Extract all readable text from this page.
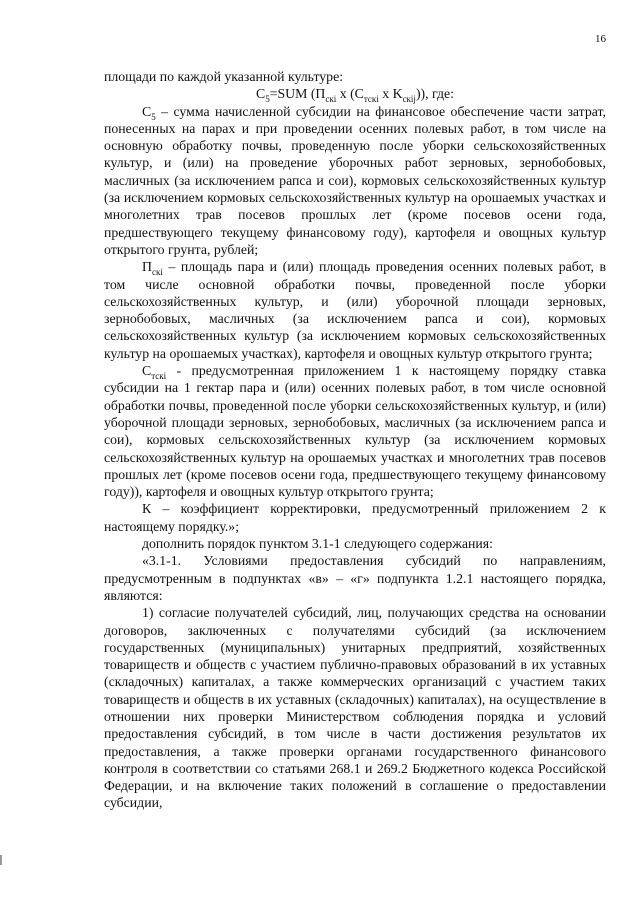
16

площади по каждой указанной культуре:

$C_5=SUM$ ($П_{скі}$ x ($C_{тскі}$ x $K_{скіј}$)), где:

$C_5$ – сумма начисленной субсидии на финансовое обеспечение части затрат, понесенных на парах и при проведении осенних полевых работ, в том числе на основную обработку почвы, проведенную после уборки сельскохозяйственных культур, и (или) на проведение уборочных работ зерновых, зернобобовых, масличных (за исключением рапса и сои), кормовых сельскохозяйственных культур (за исключением кормовых сельскохозяйственных культур на орошаемых участках и многолетних трав посевов прошлых лет (кроме посевов осени года, предшествующего текущему финансовому году), картофеля и овощных культур открытого грунта, рублей;

$П_{скі}$ – площадь пара и (или) площадь проведения осенних полевых работ, в том числе основной обработки почвы, проведенной после уборки сельскохозяйственных культур, и (или) уборочной площади зерновых, зернобобовых, масличных (за исключением рапса и сои), кормовых сельскохозяйственных культур (за исключением кормовых сельскохозяйственных культур на орошаемых участках), картофеля и овощных культур открытого грунта;

$C_{тскі}$ - предусмотренная приложением 1 к настоящему порядку ставка субсидии на 1 гектар пара и (или) осенних полевых работ, в том числе основной обработки почвы, проведенной после уборки сельскохозяйственных культур, и (или) уборочной площади зерновых, зернобобовых, масличных (за исключением рапса и сои), кормовых сельскохозяйственных культур (за исключением кормовых сельскохозяйственных культур на орошаемых участках и многолетних трав посевов прошлых лет (кроме посевов осени года, предшествующего текущему финансовому году)), картофеля и овощных культур открытого грунта;

К – коэффициент корректировки, предусмотренный приложением 2 к настоящему порядку.»;

дополнить порядок пунктом 3.1-1 следующего содержания:

«3.1-1. Условиями предоставления субсидий по направлениям, предусмотренным в подпунктах «в» – «г» подпункта 1.2.1 настоящего порядка, являются:

1) согласие получателей субсидий, лиц, получающих средства на основании договоров, заключенных с получателями субсидий (за исключением государственных (муниципальных) унитарных предприятий, хозяйственных товариществ и обществ с участием публично-правовых образований в их уставных (складочных) капиталах, а также коммерческих организаций с участием таких товариществ и обществ в их уставных (складочных) капиталах), на осуществление в отношении них проверки Министерством соблюдения порядка и условий предоставления субсидий, в том числе в части достижения результатов их предоставления, а также проверки органами государственного финансового контроля в соответствии со статьями 268.1 и 269.2 Бюджетного кодекса Российской Федерации, и на включение таких положений в соглашение о предоставлении субсидии,
